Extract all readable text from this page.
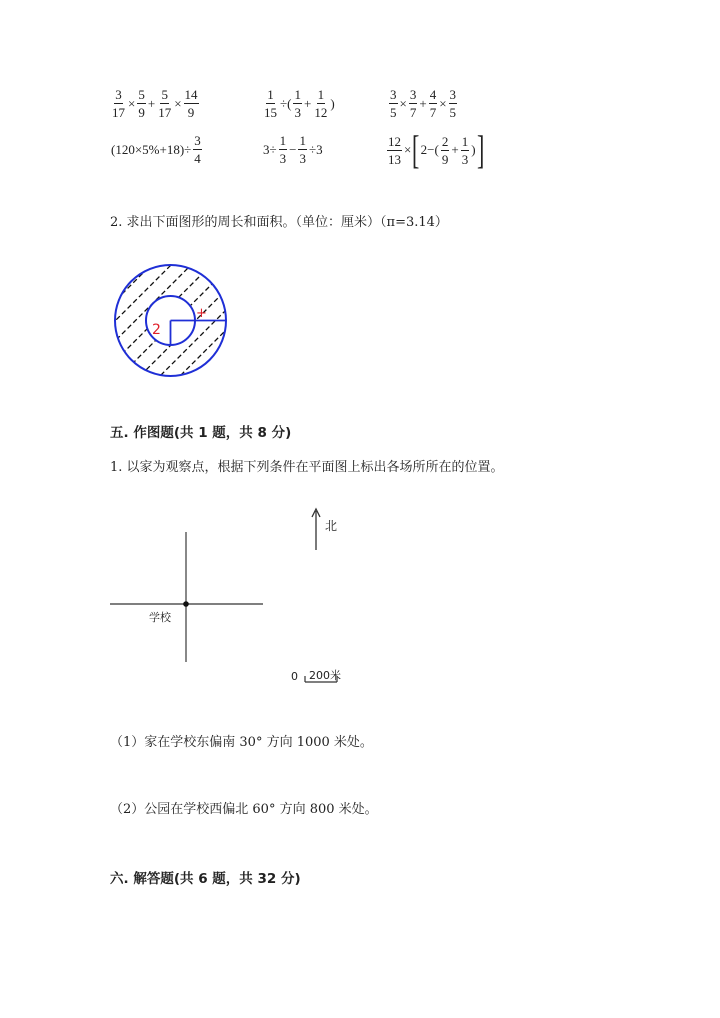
$\frac{3}{17} \times \frac{5}{9} + \frac{5}{17} \times \frac{14}{9}$	$\frac{1}{15}$ ÷( $\frac{1}{3} + \frac{1}{12}$ )	$\frac{3}{5} \times \frac{3}{7} + \frac{4}{7} \times \frac{3}{5}$
$(120\times 5\%+18)\div \frac{3}{4}$	$3\div \frac{1}{3} - \frac{1}{3} \div 3$	$\frac{12}{13} \times[2-( \frac{2}{9} + \frac{1}{3}$ )]
2. 求出下面图形的周长和面积。（单位：厘米）（π=3.14）
+
2
五. 作图题(共 1 题，共 8 分)
1. 以家为观察点，根据下列条件在平面图上标出各场所所在的位置。
学校
北
0 200米
（1）家在学校东偏南 30° 方向 1000 米处。
（2）公园在学校西偏北 60° 方向 800 米处。
六. 解答题(共 6 题，共 32 分)
